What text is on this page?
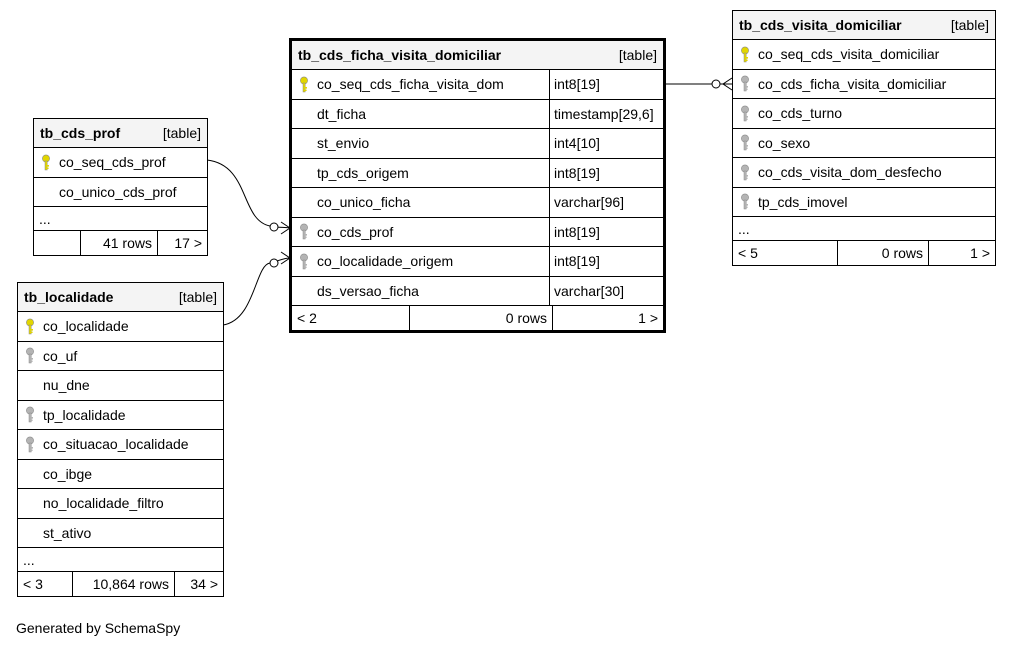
tb_cds_prof	[table]
co_seq_cds_prof
co_unico_cds_prof
...
41 rows	17 >
tb_localidade	[table]
co_localidade
co_uf
nu_dne
tp_localidade
co_situacao_localidade
co_ibge
no_localidade_filtro
st_ativo
...
< 3	10,864 rows	34 >
tb_cds_ficha_visita_domiciliar	[table]
co_seq_cds_ficha_visita_dom	int8[19]
dt_ficha	timestamp[29,6]
st_envio	int4[10]
tp_cds_origem	int8[19]
co_unico_ficha	varchar[96]
co_cds_prof	int8[19]
co_localidade_origem	int8[19]
ds_versao_ficha	varchar[30]
< 2	0 rows	1 >
tb_cds_visita_domiciliar	[table]
co_seq_cds_visita_domiciliar
co_cds_ficha_visita_domiciliar
co_cds_turno
co_sexo
co_cds_visita_dom_desfecho
tp_cds_imovel
...
< 5	0 rows	1 >
Generated by SchemaSpy
